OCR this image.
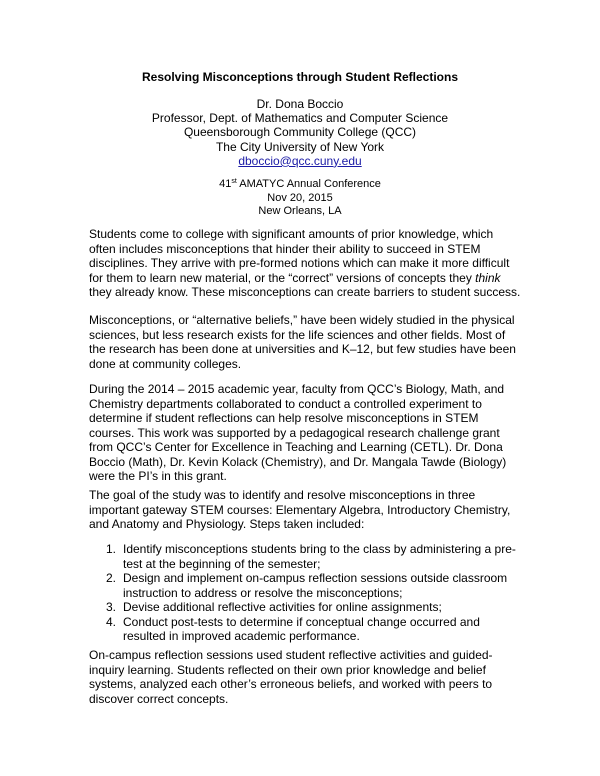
Resolving Misconceptions through Student Reflections
Dr. Dona Boccio
Professor, Dept. of Mathematics and Computer Science
Queensborough Community College (QCC)
The City University of New York
dboccio@qcc.cuny.edu
41st AMATYC Annual Conference
Nov 20, 2015
New Orleans, LA

Students come to college with significant amounts of prior knowledge, which often includes misconceptions that hinder their ability to succeed in STEM disciplines. They arrive with pre-formed notions which can make it more difficult for them to learn new material, or the “correct” versions of concepts they think they already know. These misconceptions can create barriers to student success.

Misconceptions, or “alternative beliefs,” have been widely studied in the physical sciences, but less research exists for the life sciences and other fields. Most of the research has been done at universities and K–12, but few studies have been done at community colleges.

During the 2014 – 2015 academic year, faculty from QCC’s Biology, Math, and Chemistry departments collaborated to conduct a controlled experiment to determine if student reflections can help resolve misconceptions in STEM courses. This work was supported by a pedagogical research challenge grant from QCC’s Center for Excellence in Teaching and Learning (CETL). Dr. Dona Boccio (Math), Dr. Kevin Kolack (Chemistry), and Dr. Mangala Tawde (Biology) were the PI’s in this grant.

The goal of the study was to identify and resolve misconceptions in three important gateway STEM courses: Elementary Algebra, Introductory Chemistry, and Anatomy and Physiology. Steps taken included:

1. Identify misconceptions students bring to the class by administering a pre-test at the beginning of the semester;
2. Design and implement on-campus reflection sessions outside classroom instruction to address or resolve the misconceptions;
3. Devise additional reflective activities for online assignments;
4. Conduct post-tests to determine if conceptual change occurred and resulted in improved academic performance.

On-campus reflection sessions used student reflective activities and guided-inquiry learning. Students reflected on their own prior knowledge and belief systems, analyzed each other’s erroneous beliefs, and worked with peers to discover correct concepts.
